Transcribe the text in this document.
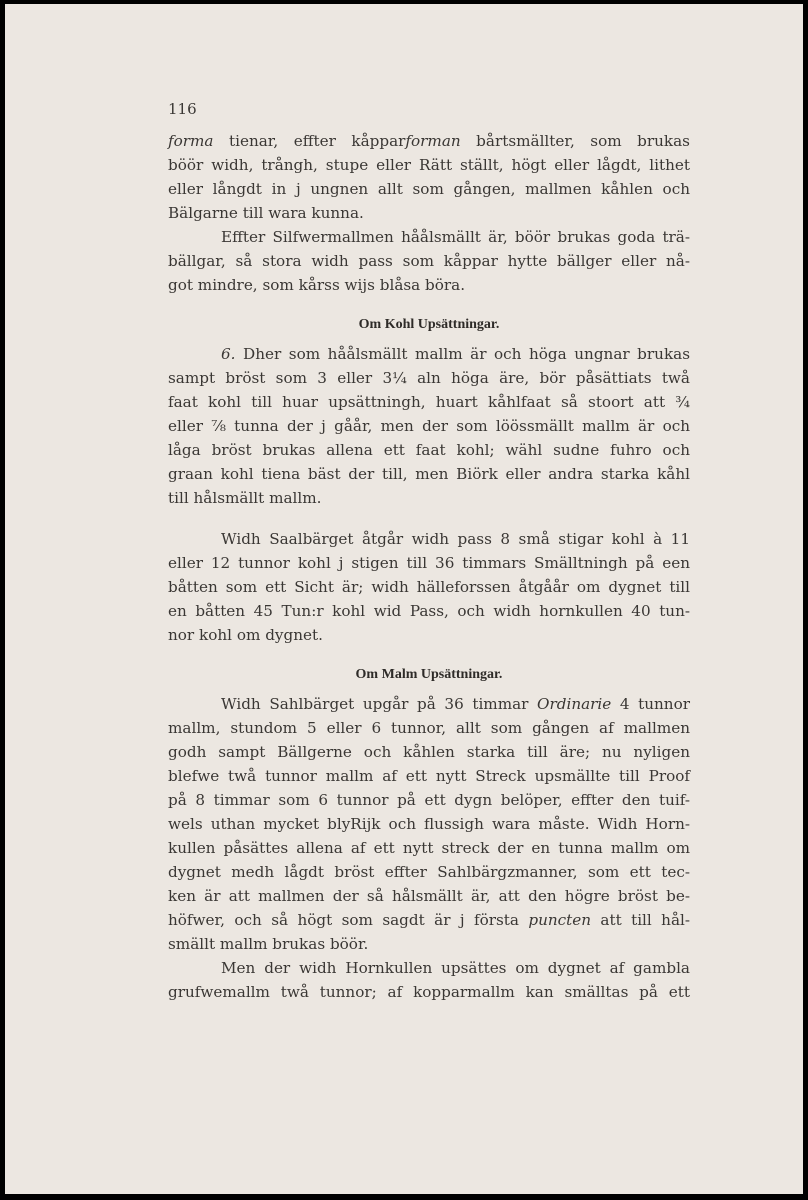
116
forma tienar, effter kåpparforman bårtsmällter, som brukas
böör widh, trångh, stupe eller Rätt ställt, högt eller lågdt, lithet
eller långdt in j ungnen allt som gången, mallmen kåhlen och
Bälgarne till wara kunna.
Effter Silfwermallmen håålsmällt är, böör brukas goda trä-
bällgar, så stora widh pass som kåppar hytte bällger eller nå-
got mindre, som kårss wijs blåsa böra.
Om Kohl Upsättningar.
6. Dher som håålsmällt mallm är och höga ungnar brukas
sampt bröst som 3 eller 3¼ aln höga äre, bör påsättiats twå
faat kohl till huar upsättningh, huart kåhlfaat så stoort att ¾
eller ⅞ tunna der j gåår, men der som löössmällt mallm är och
låga bröst brukas allena ett faat kohl; wähl sudne fuhro och
graan kohl tiena bäst der till, men Biörk eller andra starka kåhl
till hålsmällt mallm.
Widh Saalbärget åtgår widh pass 8 små stigar kohl à 11
eller 12 tunnor kohl j stigen till 36 timmars Smälltningh på een
båtten som ett Sicht är; widh hälleforssen åtgåår om dygnet till
en båtten 45 Tun:r kohl wid Pass, och widh hornkullen 40 tun-
nor kohl om dygnet.
Om Malm Upsättningar.
Widh Sahlbärget upgår på 36 timmar Ordinarie 4 tunnor
mallm, stundom 5 eller 6 tunnor, allt som gången af mallmen
godh sampt Bällgerne och kåhlen starka till äre; nu nyligen
blefwe twå tunnor mallm af ett nytt Streck upsmällte till Proof
på 8 timmar som 6 tunnor på ett dygn belöper, effter den tuif-
wels uthan mycket blyRijk och flussigh wara måste. Widh Horn-
kullen påsättes allena af ett nytt streck der en tunna mallm om
dygnet medh lågdt bröst effter Sahlbärgzmanner, som ett tec-
ken är att mallmen der så hålsmällt är, att den högre bröst be-
höfwer, och så högt som sagdt är j första puncten att till hål-
smällt mallm brukas böör.
Men der widh Hornkullen upsättes om dygnet af gambla
grufwemallm twå tunnor; af kopparmallm kan smälltas på ett
